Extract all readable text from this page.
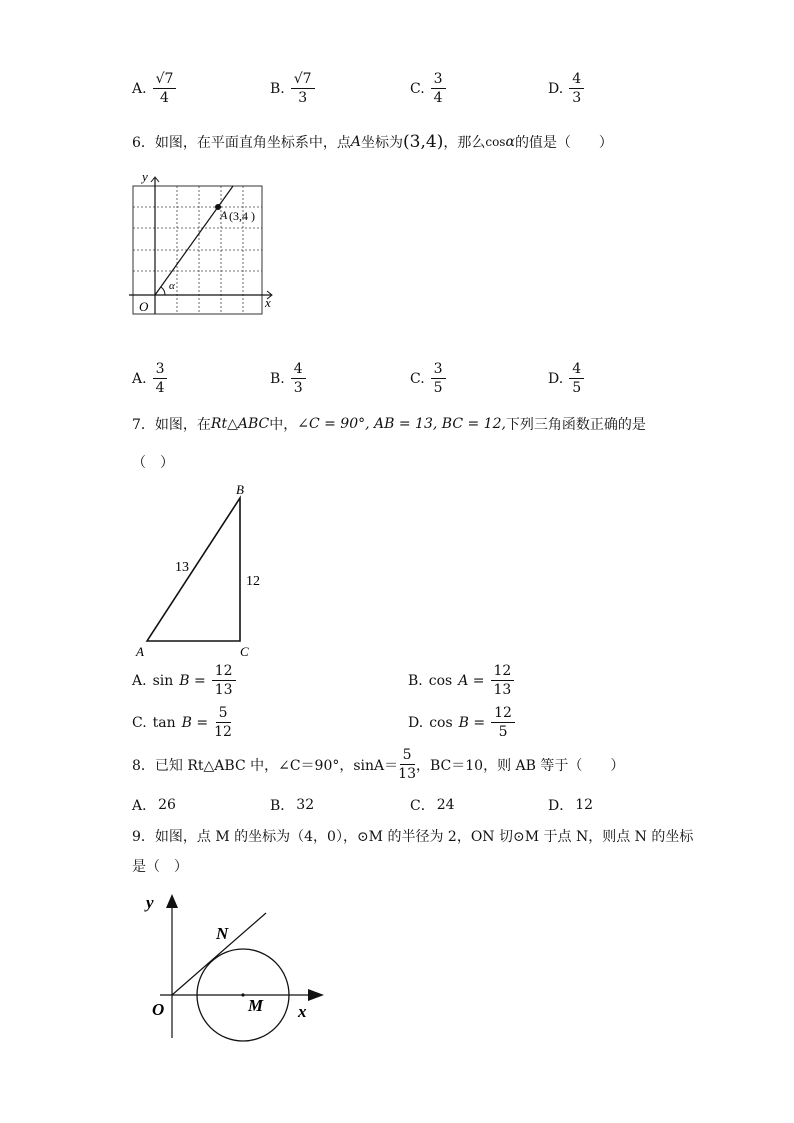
A. $\frac{√7}{4}$	B. $\frac{√7}{3}$	C. $\frac{3}{4}$	D. $\frac{4}{3}$
6．如图，在平面直角坐标系中，点 A 坐标为 (3,4) ，那么 cos α 的值是（　　）
y
x
O
A (3,4 )
α
A. $\frac{3}{4}$	B. $\frac{4}{3}$	C. $\frac{3}{5}$	D. $\frac{4}{5}$
7．如图，在 Rt△ABC 中， ∠C = 90°, AB = 13, BC = 12, 下列三角函数正确的是
（　）
B
A	C
13
12
A. $\sin B = \frac{12}{13}$	B. $\cos A = \frac{12}{13}$
C. $\tan B = \frac{5}{12}$	D. $\cos B = \frac{12}{5}$
8．已知 Rt△ABC 中，∠C＝90°，$\sin A= \frac{5}{13}$ ，BC＝10，则 AB 等于（　　）
A． 26	B． 32	C． 24	D． 12
9．如图，点 M 的坐标为（4，0），⊙M 的半径为 2，ON 切⊙M 于点 N，则点 N 的坐标
是（　）
y
x
O
N
M
